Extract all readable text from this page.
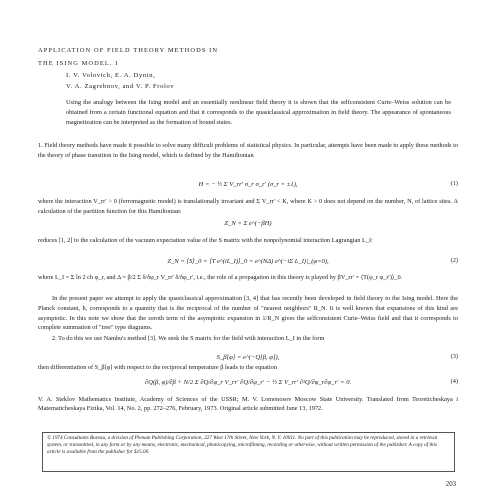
APPLICATION OF FIELD THEORY METHODS IN
THE ISING MODEL. I
I. V. Volovich, E. A. Dynin,
V. A. Zagrebnov, and V. P. Frolov
Using the analogy between the Ising model and an essentially nonlinear field theory it is shown that the selfconsistent Curie–Weiss solution can be obtained from a certain functional equation and that it corresponds to the quasiclassical approximation in field theory. The appearance of spontaneous magnetization can be interpreted as the formation of bound states.
1. Field theory methods have made it possible to solve many difficult problems of statistical physics. In particular, attempts have been made to apply these methods to the theory of phase transition in the Ising model, which is defined by the Hamiltonian
H = − ½ Σ V_rr′ σ_r σ_r′ (σ_r = ±1),	(1)
where the interaction V_rr′ > 0 (ferromagnetic model) is translationally invariant and Σ V_rr′ < K, where K > 0 does not depend on the number, N, of lattice sites. A calculation of the partition function for this Hamiltonian:
Z_N = Σ e^(−βH)
reduces [1, 2] to the calculation of the vacuum expectation value of the S matrix with the nonpolynomial interaction Lagrangian L_I:
Z_N = ⟨S⟩_0 = ⟨T e^(iL_I)⟩_0 = e^(NΔ) e^(−iΣ L_I)|_(φ=0),	(2)
where L_I = Σ ln 2 ch φ_r, and Δ = β/2 Σ δ/δφ_r V_rr′ δ/δφ_r′, i.e., the role of a propagation in this theory is played by βV_rr′ = ⟨T(φ_r φ_r′)⟩_0.
In the present paper we attempt to apply the quasiclassical approximation [3, 4] that has recently been developed in field theory to the Ising model. Here the Planck constant, ħ, corresponds to a quantity that is the reciprocal of the number of "nearest neighbors" R_N. It is well known that expansions of this kind are asymptotic. In this note we show that the zeroth term of the asymptotic expansion in 1/R_N gives the selfconsistent Curie–Weiss field and that it corresponds to complete summation of "tree" type diagrams.
2. To do this we use Nambu's method [3]. We seek the S matrix for the field with interaction L_I in the form
S_β[φ] = e^(−Q[β, φ]),	(3)
then differentiation of S_β[φ] with respect to the reciprocal temperature β leads to the equation
∂Q(β, φ)/∂β + N/2 Σ ∂Q/∂φ_r V_rr′ ∂Q/∂φ_r′ − ½ Σ V_rr′ ∂²Q/∂φ_r∂φ_r′ = 0.	(4)
V. A. Steklov Mathematics Institute, Academy of Sciences of the USSR; M. V. Lomonosov Moscow State University. Translated from Teoreticheskaya i Matematicheskaya Fizika, Vol. 14, No. 2, pp. 272–276, February, 1973. Original article submitted June 13, 1972.
© 1974 Consultants Bureau, a division of Plenum Publishing Corporation, 227 West 17th Street, New York, N. Y. 10011. No part of this publication may be reproduced, stored in a retrieval system, or transmitted, in any form or by any means, electronic, mechanical, photocopying, microfilming, recording or otherwise, without written permission of the publisher. A copy of this article is available from the publisher for $15.00.
203
